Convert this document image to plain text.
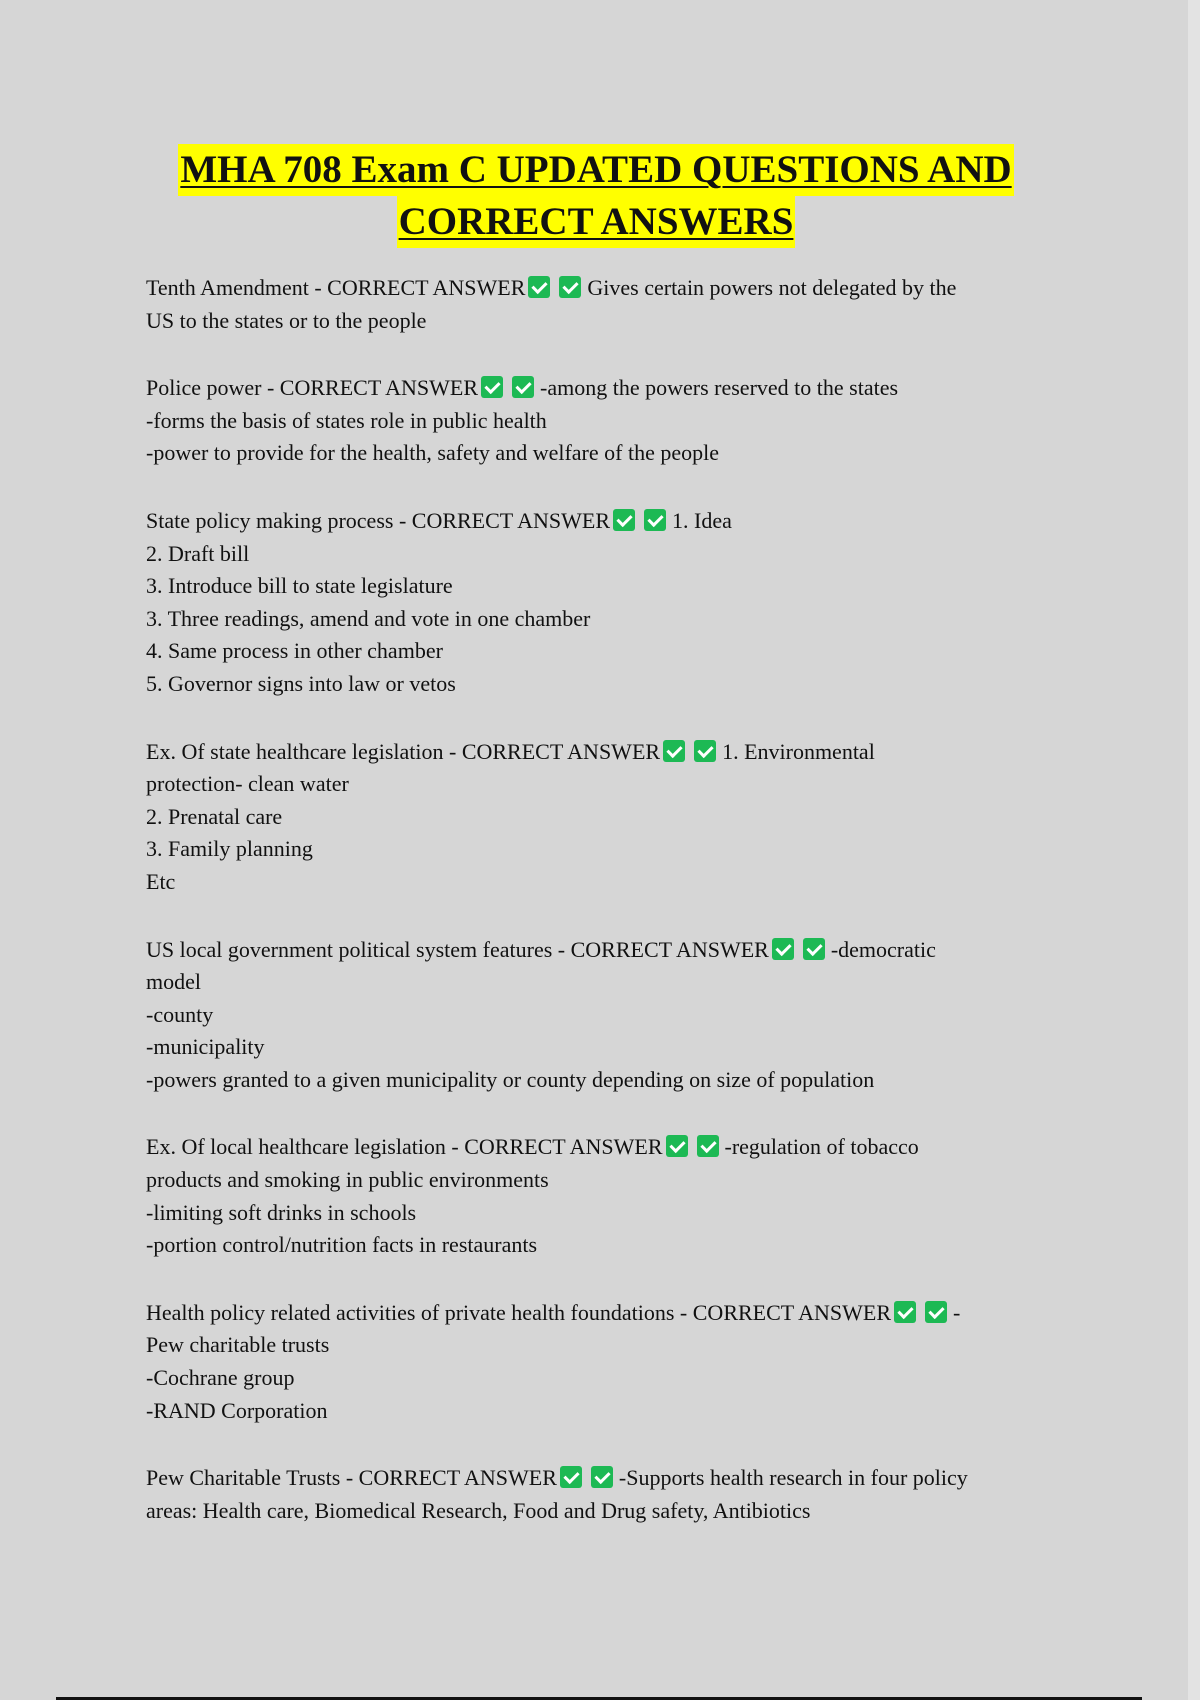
MHA 708 Exam C UPDATED QUESTIONS AND
CORRECT ANSWERS
Tenth Amendment - CORRECT ANSWER	Gives certain powers not delegated by the
US to the states or to the people
Police power - CORRECT ANSWER	-among the powers reserved to the states
-forms the basis of states role in public health
-power to provide for the health, safety and welfare of the people
State policy making process - CORRECT ANSWER	1. Idea
2. Draft bill
3. Introduce bill to state legislature
3. Three readings, amend and vote in one chamber
4. Same process in other chamber
5. Governor signs into law or vetos
Ex. Of state healthcare legislation - CORRECT ANSWER	1. Environmental
protection- clean water
2. Prenatal care
3. Family planning
Etc
US local government political system features - CORRECT ANSWER	-democratic
model
-county
-municipality
-powers granted to a given municipality or county depending on size of population
Ex. Of local healthcare legislation - CORRECT ANSWER	-regulation of tobacco
products and smoking in public environments
-limiting soft drinks in schools
-portion control/nutrition facts in restaurants
Health policy related activities of private health foundations - CORRECT ANSWER	-
Pew charitable trusts
-Cochrane group
-RAND Corporation
Pew Charitable Trusts - CORRECT ANSWER	-Supports health research in four policy
areas: Health care, Biomedical Research, Food and Drug safety, Antibiotics
